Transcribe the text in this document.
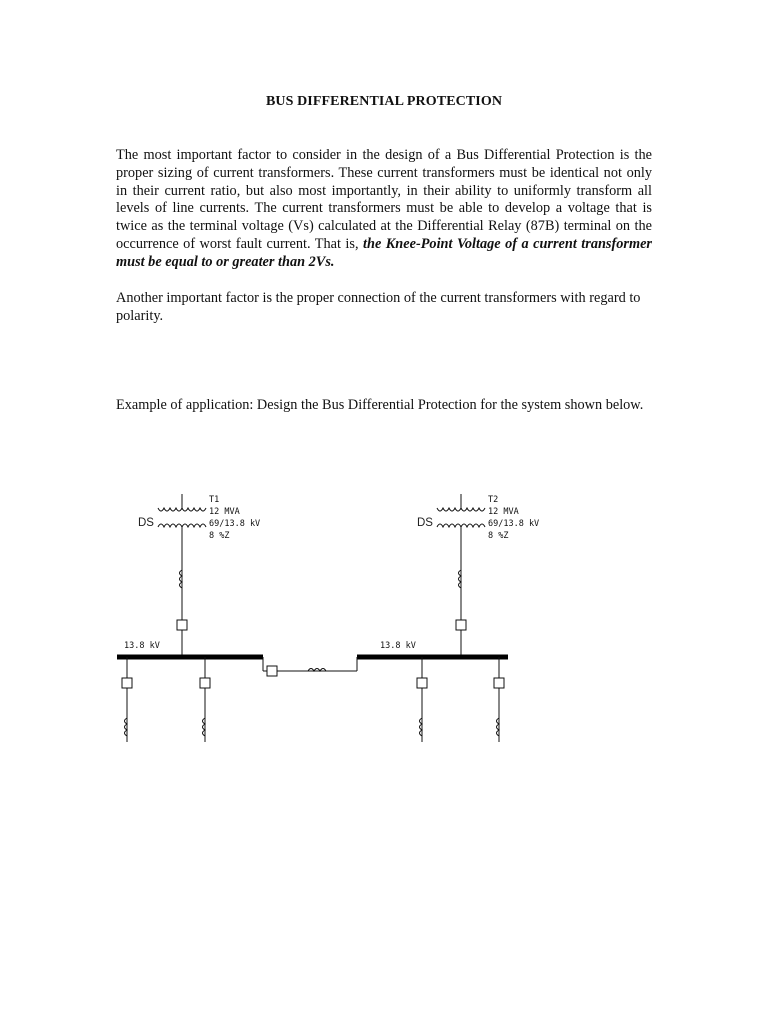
BUS DIFFERENTIAL PROTECTION

The most important factor to consider in the design of a Bus Differential Protection is the proper sizing of current transformers. These current transformers must be identical not only in their current ratio, but also most importantly, in their ability to uniformly transform all levels of line currents. The current transformers must be able to develop a voltage that is twice as the terminal voltage (Vs) calculated at the Differential Relay (87B) terminal on the occurrence of worst fault current. That is, the Knee-Point Voltage of a current transformer must be equal to or greater than 2Vs.

Another important factor is the proper connection of the current transformers with regard to polarity.

Example of application: Design the Bus Differential Protection for the system shown below.

DS
T1
12 MVA
69/13.8 kV
8 %Z
DS
T2
12 MVA
69/13.8 kV
8 %Z
13.8 kV	13.8 kV
